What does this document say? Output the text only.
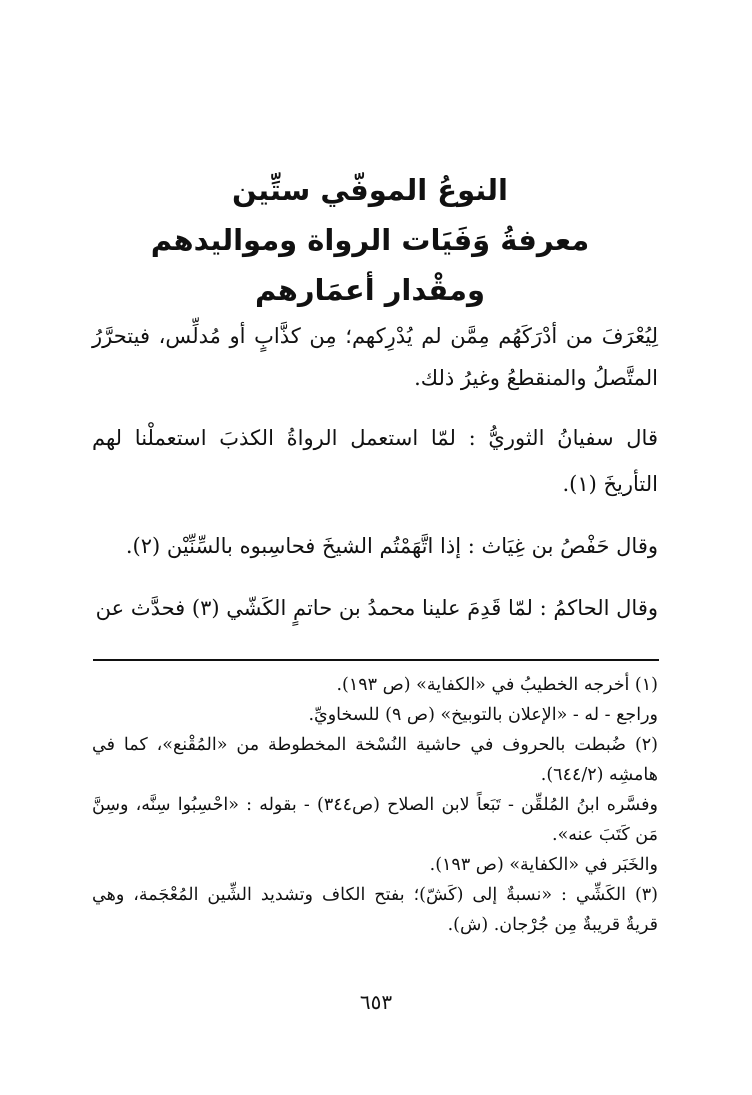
النوعُ الموفّي ستِّين

معرفةُ وَفَيَات الرواة ومواليدهم

ومقْدار أعمَارهم

لِيُعْرَفَ من أدْرَكَهُم مِمَّن لم يُدْرِكهم؛ مِن كذَّابٍ أو مُدلِّس، فيتحرَّرُ المتَّصلُ والمنقطعُ وغيرُ ذلك.

قال سفيانُ الثوريُّ : لمّا استعمل الرواةُ الكذبَ استعملْنا لهم التأريخَ (١).

وقال حَفْصُ بن غِيَاث : إذا اتَّهَمْتُم الشيخَ فحاسِبوه بالسِّنِّيْن (٢).

وقال الحاكمُ : لمّا قَدِمَ علينا محمدُ بن حاتمٍ الكَشّي (٣) فحدَّث عن

(١) أخرجه الخطيبُ في «الكفاية» (ص ١٩٣).

وراجع - له - «الإعلان بالتوبيخ» (ص ٩) للسخاويِّ.

(٢) ضُبطت بالحروف في حاشية النُسْخة المخطوطة من «المُقْنع»، كما في هامشِه (٦٤٤/٢).

وفسَّره ابنُ المُلقِّن - تَبَعاً لابن الصلاح (ص٣٤٤) - بقوله : «احْسِبُوا سِنَّه، وسِنَّ مَن كَتَبَ عنه».

والخَبَر في «الكفاية» (ص ١٩٣).

(٣) الكَشِّي : «نسبةٌ إلى (كَشّ)؛ بفتح الكاف وتشديد الشِّين المُعْجَمة، وهي قريةٌ قريبةٌ مِن جُرْجان. (ش).

٦٥٣
